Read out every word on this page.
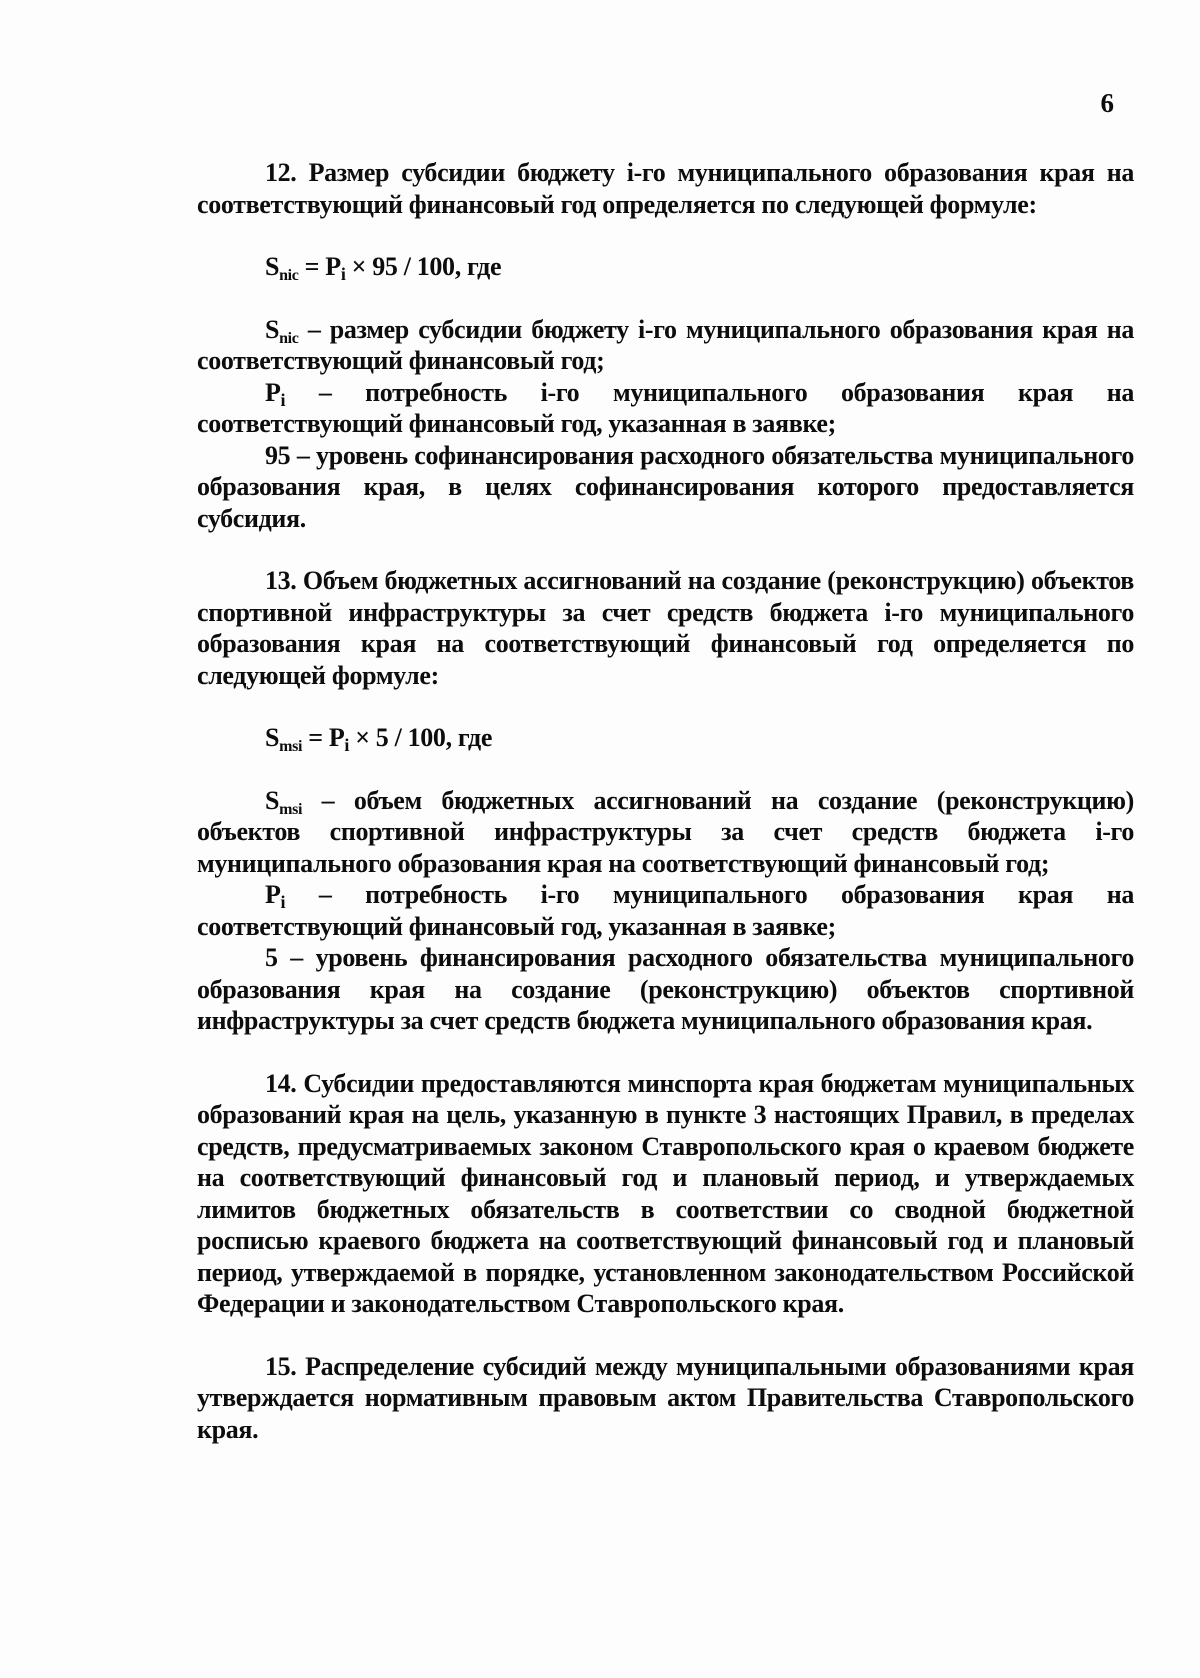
6

12. Размер субсидии бюджету i-го муниципального образования края на соответствующий финансовый год определяется по следующей формуле:

Snic = Pi × 95 / 100, где

Snic – размер субсидии бюджету i-го муниципального образования края на соответствующий финансовый год;

Pi – потребность i-го муниципального образования края на соответствующий финансовый год, указанная в заявке;

95 – уровень софинансирования расходного обязательства муниципального образования края, в целях софинансирования которого предоставляется субсидия.

13. Объем бюджетных ассигнований на создание (реконструкцию) объектов спортивной инфраструктуры за счет средств бюджета i-го муниципального образования края на соответствующий финансовый год определяется по следующей формуле:

Smsi = Pi × 5 / 100, где

Smsi – объем бюджетных ассигнований на создание (реконструкцию) объектов спортивной инфраструктуры за счет средств бюджета i-го муниципального образования края на соответствующий финансовый год;

Pi – потребность i-го муниципального образования края на соответствующий финансовый год, указанная в заявке;

5 – уровень финансирования расходного обязательства муниципального образования края на создание (реконструкцию) объектов спортивной инфраструктуры за счет средств бюджета муниципального образования края.

14. Субсидии предоставляются минспорта края бюджетам муниципальных образований края на цель, указанную в пункте 3 настоящих Правил, в пределах средств, предусматриваемых законом Ставропольского края о краевом бюджете на соответствующий финансовый год и плановый период, и утверждаемых лимитов бюджетных обязательств в соответствии со сводной бюджетной росписью краевого бюджета на соответствующий финансовый год и плановый период, утверждаемой в порядке, установленном законодательством Российской Федерации и законодательством Ставропольского края.

15. Распределение субсидий между муниципальными образованиями края утверждается нормативным правовым актом Правительства Ставропольского края.
